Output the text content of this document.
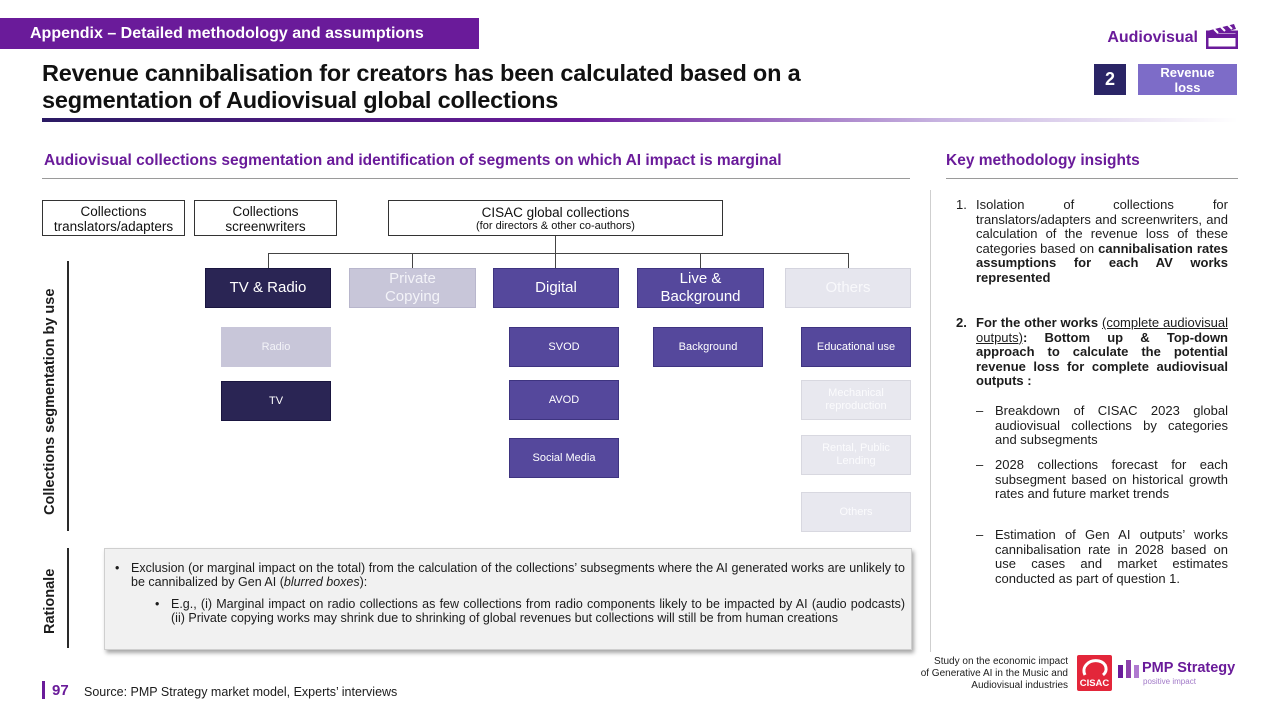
Appendix – Detailed methodology and assumptions	Audiovisual
Revenue cannibalisation for creators has been calculated based on a
segmentation of Audiovisual global collections
2	Revenue
loss
Audiovisual collections segmentation and identification of segments on which AI impact is marginal	Key methodology insights
Collections
translators/adapters
Collections
screenwriters
CISAC global collections
(for directors & other co-authors)
TV & Radio
Private
Copying
Digital
Live &
Background
Others
Radio
TV
SVOD
AVOD
Social Media
Background	Educational use
Mechanical
reproduction
Rental, Public
Lending
Others
Collections segmentation by use
Rationale
• Exclusion (or marginal impact on the total) from the calculation of the collections’ subsegments where the AI generated works are unlikely to be cannibalized by Gen AI (blurred boxes):
• E.g., (i) Marginal impact on radio collections as few collections from radio components likely to be impacted by AI (audio podcasts) (ii) Private copying works may shrink due to shrinking of global revenues but collections will still be from human creations
1. Isolation of collections for translators/adapters and screenwriters, and calculation of the revenue loss of these categories based on cannibalisation rates assumptions for each AV works represented
2. For the other works (complete audiovisual outputs): Bottom up & Top-down approach to calculate the potential revenue loss for complete audiovisual outputs :
– Breakdown of CISAC 2023 global audiovisual collections by categories and subsegments
– 2028 collections forecast for each subsegment based on historical growth rates and future market trends
– Estimation of Gen AI outputs’ works cannibalisation rate in 2028 based on use cases and market estimates conducted as part of question 1.
97 Source: PMP Strategy market model, Experts’ interviews
Study on the economic impact
of Generative AI in the Music and
Audiovisual industries CISAC
PMP Strategy
positive impact
